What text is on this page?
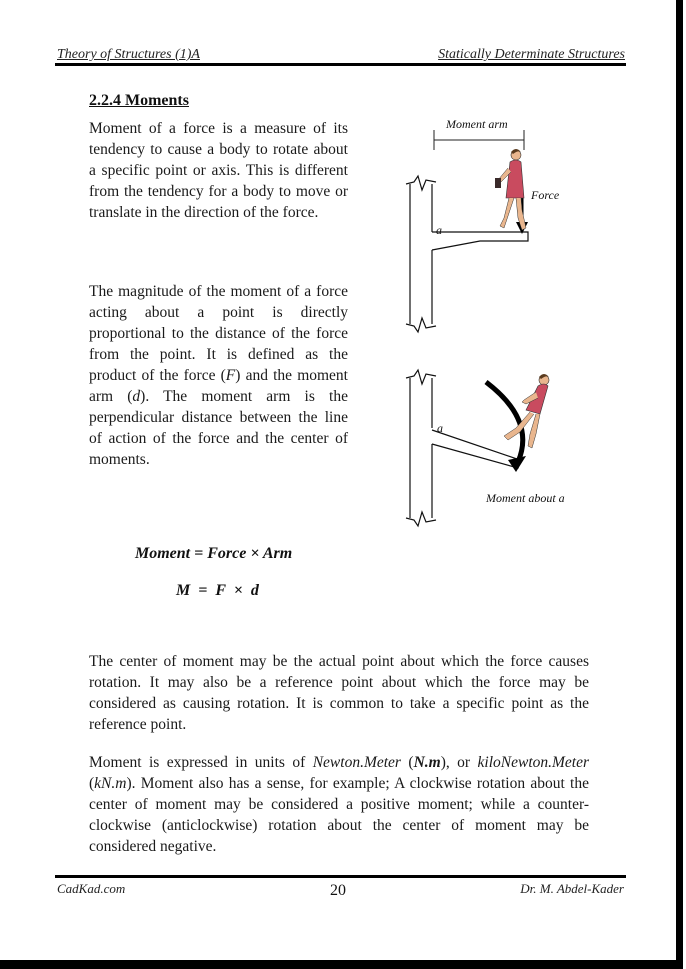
Theory of Structures (1)A	Statically Determinate Structures
2.2.4 Moments
Moment of a force is a measure of its tendency to cause a body to rotate about a specific point or axis. This is different from the tendency for a body to move or translate in the direction of the force.
The magnitude of the moment of a force acting about a point is directly proportional to the distance of the force from the point. It is defined as the product of the force (F) and the moment arm (d). The moment arm is the perpendicular distance between the line of action of the force and the center of moments.
Moment = Force × Arm
M = F × d
The center of moment may be the actual point about which the force causes rotation. It may also be a reference point about which the force may be considered as causing rotation. It is common to take a specific point as the reference point.
Moment is expressed in units of Newton.Meter (N.m), or kiloNewton.Meter (kN.m). Moment also has a sense, for example; A clockwise rotation about the center of moment may be considered a positive moment; while a counter-clockwise (anticlockwise) rotation about the center of moment may be considered negative.
Moment arm
a
Force
a
Moment about a
CadKad.com	20	Dr. M. Abdel-Kader
